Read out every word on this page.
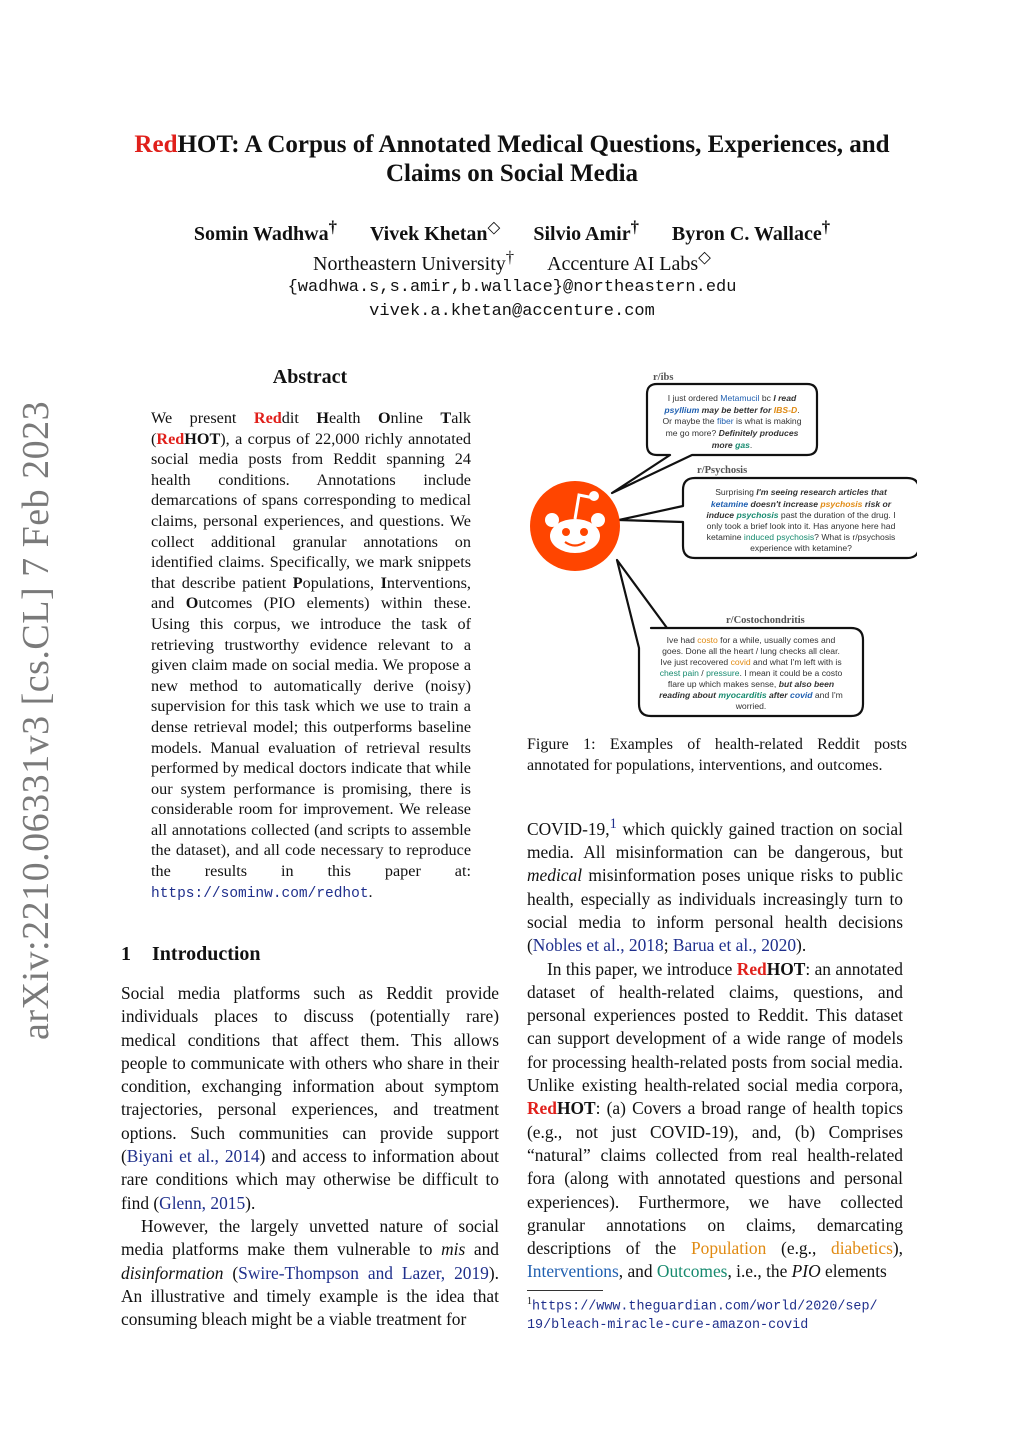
arXiv:2210.06331v3 [cs.CL] 7 Feb 2023
RedHOT: A Corpus of Annotated Medical Questions, Experiences, and
Claims on Social Media
Somin Wadhwa† Vivek Khetan◇ Silvio Amir† Byron C. Wallace†
Northeastern University† Accenture AI Labs◇
{wadhwa.s,s.amir,b.wallace}@northeastern.edu
vivek.a.khetan@accenture.com
Abstract

We present Reddit Health Online Talk (RedHOT), a corpus of 22,000 richly annotated social media posts from Reddit spanning 24 health conditions. Annotations include demarcations of spans corresponding to medical claims, personal experiences, and questions. We collect additional granular annotations on identified claims. Specifically, we mark snippets that describe patient Populations, Interventions, and Outcomes (PIO elements) within these. Using this corpus, we introduce the task of retrieving trustworthy evidence relevant to a given claim made on social media. We propose a new method to automatically derive (noisy) supervision for this task which we use to train a dense retrieval model; this outperforms baseline models. Manual evaluation of retrieval results performed by medical doctors indicate that while our system performance is promising, there is considerable room for improvement. We release all annotations collected (and scripts to assemble the dataset), and all code necessary to reproduce the results in this paper at: https://sominw.com/redhot.

1 Introduction

Social media platforms such as Reddit provide individuals places to discuss (potentially rare) medical conditions that affect them. This allows people to communicate with others who share in their condition, exchanging information about symptom trajectories, personal experiences, and treatment options. Such communities can provide support (Biyani et al., 2014) and access to information about rare conditions which may otherwise be difficult to find (Glenn, 2015).

However, the largely unvetted nature of social media platforms make them vulnerable to mis and disinformation (Swire-Thompson and Lazer, 2019). An illustrative and timely example is the idea that consuming bleach might be a viable treatment for

r/ibs
r/Psychosis
r/Costochondritis
I just ordered Metamucil bc I read
psyllium may be better for IBS-D.
Or maybe the fiber is what is making
me go more? Definitely produces
more gas.
Surprising I'm seeing research articles that
ketamine doesn't increase psychosis risk or
induce psychosis past the duration of the drug. I
only took a brief look into it. Has anyone here had
ketamine induced psychosis? What is r/psychosis
experience with ketamine?
Ive had costo for a while, usually comes and
goes. Done all the heart / lung checks all clear.
Ive just recovered covid and what I'm left with is
chest pain / pressure. I mean it could be a costo
flare up which makes sense, but also been
reading about myocarditis after covid and I'm
worried.
Figure 1: Examples of health-related Reddit posts annotated for populations, interventions, and outcomes.

COVID-19,$^1$ which quickly gained traction on social media. All misinformation can be dangerous, but medical misinformation poses unique risks to public health, especially as individuals increasingly turn to social media to inform personal health decisions (Nobles et al., 2018; Barua et al., 2020).

In this paper, we introduce RedHOT: an annotated dataset of health-related claims, questions, and personal experiences posted to Reddit. This dataset can support development of a wide range of models for processing health-related posts from social media. Unlike existing health-related social media corpora, RedHOT: (a) Covers a broad range of health topics (e.g., not just COVID-19), and, (b) Comprises “natural” claims collected from real health-related fora (along with annotated questions and personal experiences). Furthermore, we have collected granular annotations on claims, demarcating descriptions of the Population (e.g., diabetics), Interventions, and Outcomes, i.e., the PIO elements

$^1$https://www.theguardian.com/world/2020/sep/
19/bleach-miracle-cure-amazon-covid
